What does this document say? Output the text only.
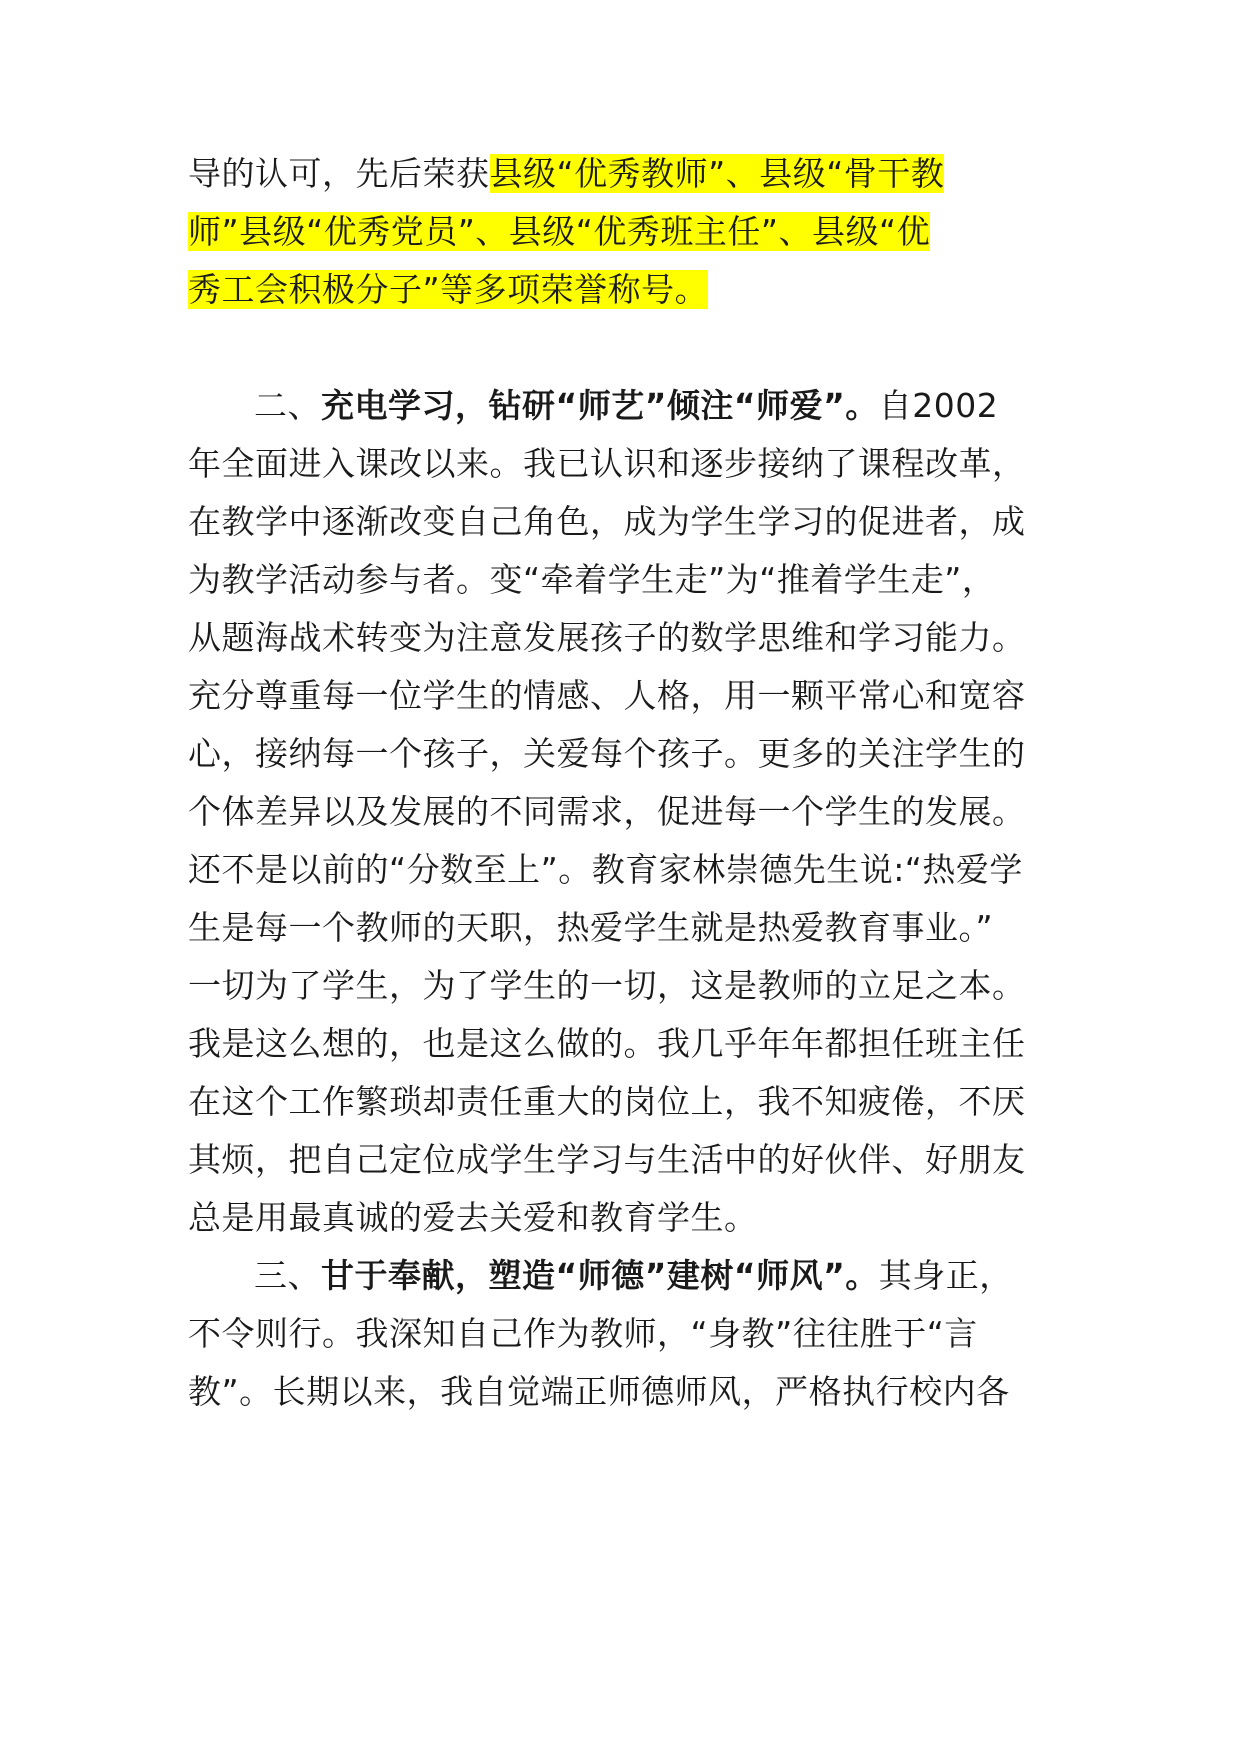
导的认可，先后荣获县级“优秀教师”、县级“骨干教
师”县级“优秀党员”、县级“优秀班主任”、县级“优
秀工会积极分子”等多项荣誉称号。
二、充电学习，钻研“师艺”倾注“师爱”。自2002
年全面进入课改以来。我已认识和逐步接纳了课程改革，
在教学中逐渐改变自己角色，成为学生学习的促进者，成
为教学活动参与者。变“牵着学生走”为“推着学生走”，
从题海战术转变为注意发展孩子的数学思维和学习能力。
充分尊重每一位学生的情感、人格，用一颗平常心和宽容
心，接纳每一个孩子，关爱每个孩子。更多的关注学生的
个体差异以及发展的不同需求，促进每一个学生的发展。
还不是以前的“分数至上”。教育家林崇德先生说:“热爱学
生是每一个教师的天职，热爱学生就是热爱教育事业。”
一切为了学生，为了学生的一切，这是教师的立足之本。
我是这么想的，也是这么做的。我几乎年年都担任班主任
在这个工作繁琐却责任重大的岗位上，我不知疲倦，不厌
其烦，把自己定位成学生学习与生活中的好伙伴、好朋友
总是用最真诚的爱去关爱和教育学生。
三、甘于奉献，塑造“师德”建树“师风”。其身正，
不令则行。我深知自己作为教师，“身教”往往胜于“言
教”。长期以来，我自觉端正师德师风，严格执行校内各
